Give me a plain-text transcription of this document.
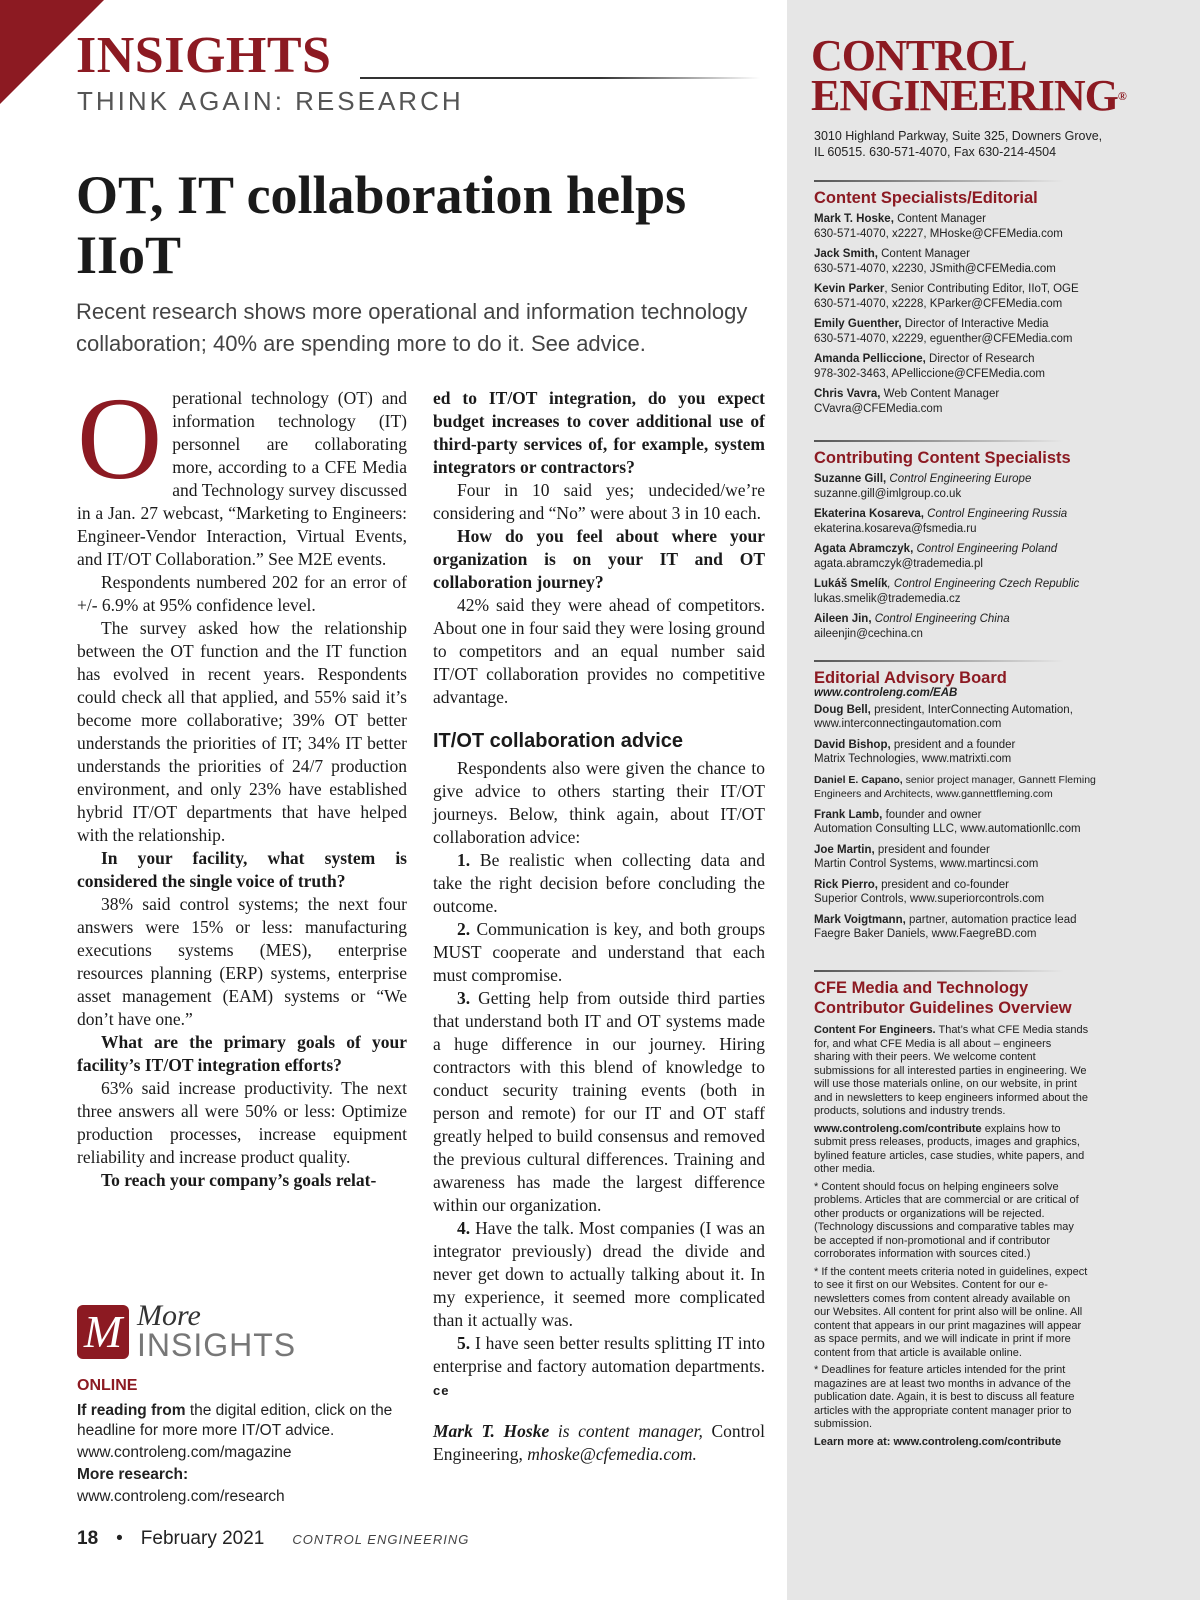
INSIGHTS
THINK AGAIN: RESEARCH
OT, IT collaboration helps IIoT
Recent research shows more operational and information technology collaboration; 40% are spending more to do it. See advice.
O perational technology (OT) and information technology (IT) personnel are collaborating more, according to a CFE Media and Technology survey discussed in a Jan. 27 webcast, “Marketing to Engineers: Engineer-Vendor Interaction, Virtual Events, and IT/OT Collaboration.” See M2E events.

Respondents numbered 202 for an error of +/- 6.9% at 95% confidence level.

The survey asked how the relationship between the OT function and the IT function has evolved in recent years. Respondents could check all that applied, and 55% said it’s become more collaborative; 39% OT better understands the priorities of IT; 34% IT better understands the priorities of 24/7 production environment, and only 23% have established hybrid IT/OT departments that have helped with the relationship.

In your facility, what system is considered the single voice of truth?

38% said control systems; the next four answers were 15% or less: manufacturing executions systems (MES), enterprise resources planning (ERP) systems, enterprise asset management (EAM) systems or “We don’t have one.”

What are the primary goals of your facility’s IT/OT integration efforts?

63% said increase productivity. The next three answers all were 50% or less: Optimize production processes, increase equipment reliability and increase product quality.

To reach your company’s goals relat-

ed to IT/OT integration, do you expect budget increases to cover additional use of third-party services of, for example, system integrators or contractors?

Four in 10 said yes; undecided/we’re considering and “No” were about 3 in 10 each.

How do you feel about where your organization is on your IT and OT collaboration journey?

42% said they were ahead of competitors. About one in four said they were losing ground to competitors and an equal number said IT/OT collaboration provides no competitive advantage.

IT/OT collaboration advice

Respondents also were given the chance to give advice to others starting their IT/OT journeys. Below, think again, about IT/OT collaboration advice:

1. Be realistic when collecting data and take the right decision before concluding the outcome.

2. Communication is key, and both groups MUST cooperate and understand that each must compromise.

3. Getting help from outside third parties that understand both IT and OT systems made a huge difference in our journey. Hiring contractors with this blend of knowledge to conduct security training events (both in person and remote) for our IT and OT staff greatly helped to build consensus and removed the previous cultural differences. Training and awareness has made the largest difference within our organization.

4. Have the talk. Most companies (I was an integrator previously) dread the divide and never get down to actually talking about it. In my experience, it seemed more complicated than it actually was.

5. I have seen better results splitting IT into enterprise and factory automation departments. ce

Mark T. Hoske is content manager, Control Engineering, mhoske@cfemedia.com.

M More
INSIGHTS
ONLINE
If reading from the digital edition, click on the headline for more more IT/OT advice.
www.controleng.com/magazine
More research:
www.controleng.com/research
18 • February 2021 CONTROL ENGINEERING
CONTROL
ENGINEERING®
3010 Highland Parkway, Suite 325, Downers Grove, IL 60515. 630-571-4070, Fax 630-214-4504
Content Specialists/Editorial
Mark T. Hoske, Content Manager
630-571-4070, x2227, MHoske@CFEMedia.com
Jack Smith, Content Manager
630-571-4070, x2230, JSmith@CFEMedia.com
Kevin Parker, Senior Contributing Editor, IIoT, OGE
630-571-4070, x2228, KParker@CFEMedia.com
Emily Guenther, Director of Interactive Media
630-571-4070, x2229, eguenther@CFEMedia.com
Amanda Pelliccione, Director of Research
978-302-3463, APelliccione@CFEMedia.com
Chris Vavra, Web Content Manager
CVavra@CFEMedia.com
Contributing Content Specialists
Suzanne Gill, Control Engineering Europe
suzanne.gill@imlgroup.co.uk
Ekaterina Kosareva, Control Engineering Russia
ekaterina.kosareva@fsmedia.ru
Agata Abramczyk, Control Engineering Poland
agata.abramczyk@trademedia.pl
Lukáš Smelík, Control Engineering Czech Republic
lukas.smelik@trademedia.cz
Aileen Jin, Control Engineering China
aileenjin@cechina.cn
Editorial Advisory Board
www.controleng.com/EAB
Doug Bell, president, InterConnecting Automation,
www.interconnectingautomation.com
David Bishop, president and a founder
Matrix Technologies, www.matrixti.com
Daniel E. Capano, senior project manager, Gannett Fleming
Engineers and Architects, www.gannettfleming.com
Frank Lamb, founder and owner
Automation Consulting LLC, www.automationllc.com
Joe Martin, president and founder
Martin Control Systems, www.martincsi.com
Rick Pierro, president and co-founder
Superior Controls, www.superiorcontrols.com
Mark Voigtmann, partner, automation practice lead
Faegre Baker Daniels, www.FaegreBD.com
CFE Media and Technology
Contributor Guidelines Overview
Content For Engineers. That’s what CFE Media stands for, and what CFE Media is all about – engineers sharing with their peers. We welcome content submissions for all interested parties in engineering. We will use those materials online, on our website, in print and in newsletters to keep engineers informed about the products, solutions and industry trends.
www.controleng.com/contribute explains how to submit press releases, products, images and graphics, bylined feature articles, case studies, white papers, and other media.
* Content should focus on helping engineers solve problems. Articles that are commercial or are critical of other products or organizations will be rejected. (Technology discussions and comparative tables may be accepted if non-promotional and if contributor corroborates information with sources cited.)
* If the content meets criteria noted in guidelines, expect to see it first on our Websites. Content for our e-newsletters comes from content already available on our Websites. All content for print also will be online. All content that appears in our print magazines will appear as space permits, and we will indicate in print if more content from that article is available online.
* Deadlines for feature articles intended for the print magazines are at least two months in advance of the publication date. Again, it is best to discuss all feature articles with the appropriate content manager prior to submission.
Learn more at: www.controleng.com/contribute
